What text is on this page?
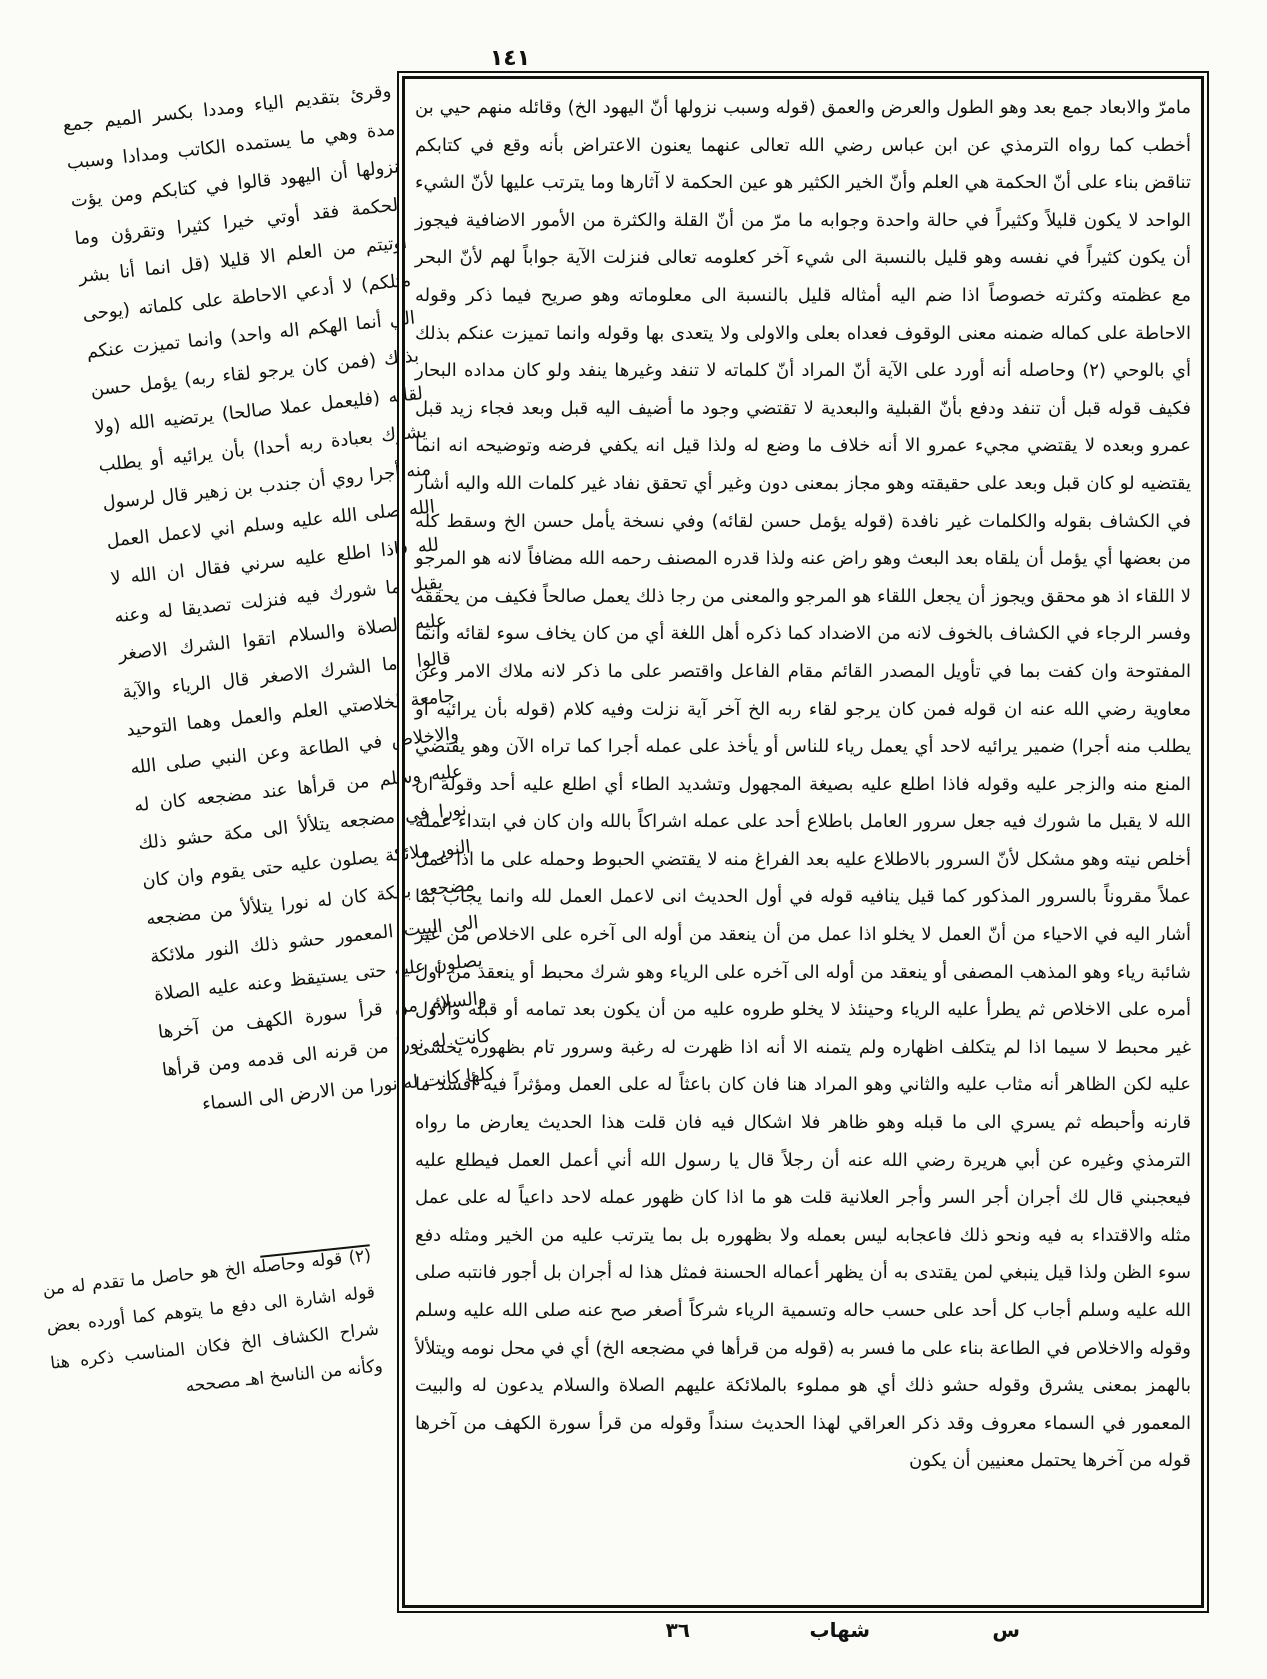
١٤١
وقرئ بتقديم الياء ومددا بكسر الميم جمع مدة وهي ما يستمده الكاتب ومدادا وسبب نزولها أن اليهود قالوا في كتابكم ومن يؤت الحكمة فقد أوتي خيرا كثيرا وتقرؤن وما أوتيتم من العلم الا قليلا (قل انما أنا بشر مثلكم) لا أدعي الاحاطة على كلماته (يوحى الي أنما الهكم اله واحد) وانما تميزت عنكم بذلك (فمن كان يرجو لقاء ربه) يؤمل حسن لقائه (فليعمل عملا صالحا) يرتضيه الله (ولا يشرك بعبادة ربه أحدا) بأن يرائيه أو يطلب منه أجرا روي أن جندب بن زهير قال لرسول الله صلى الله عليه وسلم اني لاعمل العمل لله فاذا اطلع عليه سرني فقال ان الله لا يقبل ما شورك فيه فنزلت تصديقا له وعنه عليه الصلاة والسلام اتقوا الشرك الاصغر قالوا وما الشرك الاصغر قال الرياء والآية جامعة لخلاصتي العلم والعمل وهما التوحيد والاخلاص في الطاعة وعن النبي صلى الله عليه وسلم من قرأها عند مضجعه كان له نورا في مضجعه يتلألأ الى مكة حشو ذلك النور ملائكة يصلون عليه حتى يقوم وان كان مضجعه بمكة كان له نورا يتلألأ من مضجعه الى البيت المعمور حشو ذلك النور ملائكة يصلون عليه حتى يستيقظ وعنه عليه الصلاة والسلام من قرأ سورة الكهف من آخرها كانت له نورا من قرنه الى قدمه ومن قرأها كلها كانت له نورا من الارض الى السماء
(٢) قوله وحاصله الخ هو حاصل ما تقدم له من قوله اشارة الى دفع ما يتوهم كما أورده بعض شراح الكشاف الخ فكان المناسب ذكره هنا وكأنه من الناسخ اهـ مصححه
مامرّ والابعاد جمع بعد وهو الطول والعرض والعمق (قوله وسبب نزولها أنّ اليهود الخ) وقائله منهم حيي بن أخطب كما رواه الترمذي عن ابن عباس رضي الله تعالى عنهما يعنون الاعتراض بأنه وقع في كتابكم تناقض بناء على أنّ الحكمة هي العلم وأنّ الخير الكثير هو عين الحكمة لا آثارها وما يترتب عليها لأنّ الشيء الواحد لا يكون قليلاً وكثيراً في حالة واحدة وجوابه ما مرّ من أنّ القلة والكثرة من الأمور الاضافية فيجوز أن يكون كثيراً في نفسه وهو قليل بالنسبة الى شيء آخر كعلومه تعالى فنزلت الآية جواباً لهم لأنّ البحر مع عظمته وكثرته خصوصاً اذا ضم اليه أمثاله قليل بالنسبة الى معلوماته وهو صريح فيما ذكر وقوله الاحاطة على كماله ضمنه معنى الوقوف فعداه بعلى والاولى ولا يتعدى بها وقوله وانما تميزت عنكم بذلك أي بالوحي (٢) وحاصله أنه أورد على الآية أنّ المراد أنّ كلماته لا تنفد وغيرها ينفد ولو كان مداده البحار فكيف قوله قبل أن تنفد ودفع بأنّ القبلية والبعدية لا تقتضي وجود ما أضيف اليه قبل وبعد فجاء زيد قبل عمرو وبعده لا يقتضي مجيء عمرو الا أنه خلاف ما وضع له ولذا قيل انه يكفي فرضه وتوضيحه انه انما يقتضيه لو كان قبل وبعد على حقيقته وهو مجاز بمعنى دون وغير أي تحقق نفاد غير كلمات الله واليه أشار في الكشاف بقوله والكلمات غير نافدة (قوله يؤمل حسن لقائه) وفي نسخة يأمل حسن الخ وسقط كله من بعضها أي يؤمل أن يلقاه بعد البعث وهو راض عنه ولذا قدره المصنف رحمه الله مضافاً لانه هو المرجو لا اللقاء اذ هو محقق ويجوز أن يجعل اللقاء هو المرجو والمعنى من رجا ذلك يعمل صالحاً فكيف من يحققه وفسر الرجاء في الكشاف بالخوف لانه من الاضداد كما ذكره أهل اللغة أي من كان يخاف سوء لقائه وانما المفتوحة وان كفت بما في تأويل المصدر القائم مقام الفاعل واقتصر على ما ذكر لانه ملاك الامر وعن معاوية رضي الله عنه ان قوله فمن كان يرجو لقاء ربه الخ آخر آية نزلت وفيه كلام (قوله بأن يرائيه أو يطلب منه أجرا) ضمير يرائيه لاحد أي يعمل رياء للناس أو يأخذ على عمله أجرا كما تراه الآن وهو يقتضي المنع منه والزجر عليه وقوله فاذا اطلع عليه بصيغة المجهول وتشديد الطاء أي اطلع عليه أحد وقوله ان الله لا يقبل ما شورك فيه جعل سرور العامل باطلاع أحد على عمله اشراكاً بالله وان كان في ابتداء عمله أخلص نيته وهو مشكل لأنّ السرور بالاطلاع عليه بعد الفراغ منه لا يقتضي الحبوط وحمله على ما اذا عمل عملاً مقروناً بالسرور المذكور كما قيل ينافيه قوله في أول الحديث انى لاعمل العمل لله وانما يجاب بما أشار اليه في الاحياء من أنّ العمل لا يخلو اذا عمل من أن ينعقد من أوله الى آخره على الاخلاص من غير شائبة رياء وهو المذهب المصفى أو ينعقد من أوله الى آخره على الرياء وهو شرك محبط أو ينعقد من أول أمره على الاخلاص ثم يطرأ عليه الرياء وحينئذ لا يخلو طروه عليه من أن يكون بعد تمامه أو قبله والأول غير محبط لا سيما اذا لم يتكلف اظهاره ولم يتمنه الا أنه اذا ظهرت له رغبة وسرور تام بظهوره يخشى عليه لكن الظاهر أنه مثاب عليه والثاني وهو المراد هنا فان كان باعثاً له على العمل ومؤثراً فيه أفسد ما قارنه وأحبطه ثم يسري الى ما قبله وهو ظاهر فلا اشكال فيه فان قلت هذا الحديث يعارض ما رواه الترمذي وغيره عن أبي هريرة رضي الله عنه أن رجلاً قال يا رسول الله أني أعمل العمل فيطلع عليه فيعجبني قال لك أجران أجر السر وأجر العلانية قلت هو ما اذا كان ظهور عمله لاحد داعياً له على عمل مثله والاقتداء به فيه ونحو ذلك فاعجابه ليس بعمله ولا بظهوره بل بما يترتب عليه من الخير ومثله دفع سوء الظن ولذا قيل ينبغي لمن يقتدى به أن يظهر أعماله الحسنة فمثل هذا له أجران بل أجور فانتبه صلى الله عليه وسلم أجاب كل أحد على حسب حاله وتسمية الرياء شركاً أصغر صح عنه صلى الله عليه وسلم وقوله والاخلاص في الطاعة بناء على ما فسر به (قوله من قرأها في مضجعه الخ) أي في محل نومه ويتلألأ بالهمز بمعنى يشرق وقوله حشو ذلك أي هو مملوء بالملائكة عليهم الصلاة والسلام يدعون له والبيت المعمور في السماء معروف وقد ذكر العراقي لهذا الحديث سنداً وقوله من قرأ سورة الكهف من آخرها قوله من آخرها يحتمل معنيين أن يكون
س
شهاب
٣٦
